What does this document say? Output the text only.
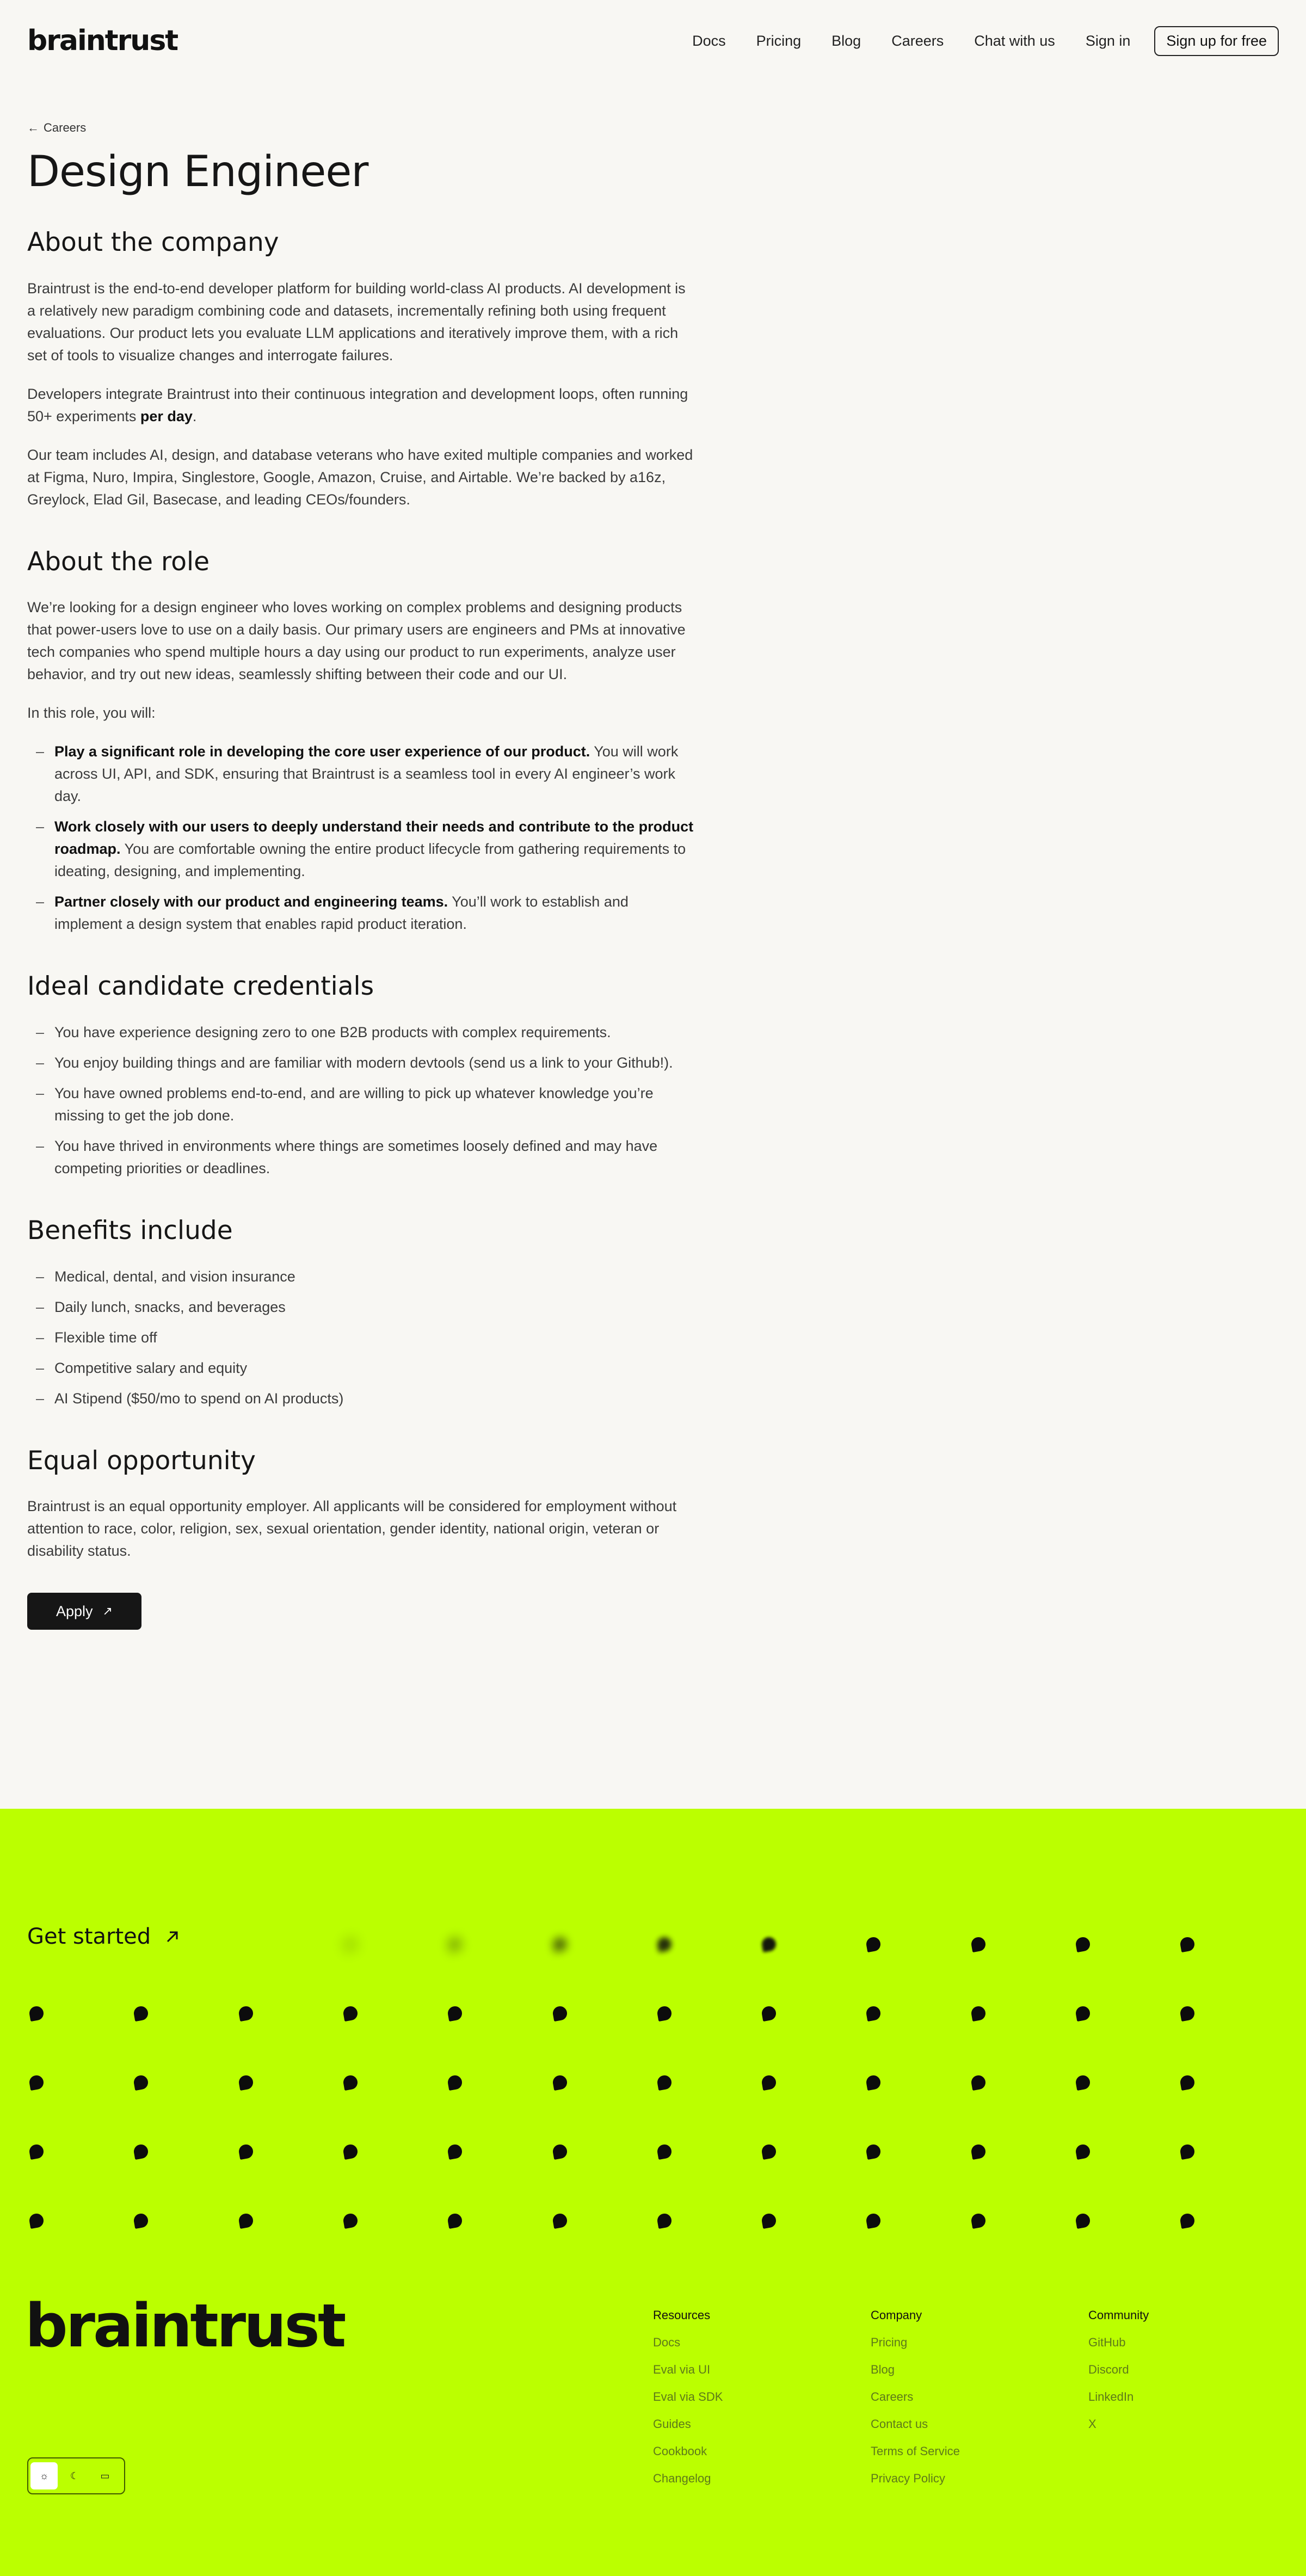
braintrust	Docs Pricing Blog Careers Chat with us Sign in	Sign up for free
← Careers
Design Engineer
About the company

Braintrust is the end-to-end developer platform for building world-class AI products. AI development is a relatively new paradigm combining code and datasets, incrementally refining both using frequent evaluations. Our product lets you evaluate LLM applications and iteratively improve them, with a rich set of tools to visualize changes and interrogate failures.

Developers integrate Braintrust into their continuous integration and development loops, often running 50+ experiments per day.

Our team includes AI, design, and database veterans who have exited multiple companies and worked at Figma, Nuro, Impira, Singlestore, Google, Amazon, Cruise, and Airtable. We’re backed by a16z, Greylock, Elad Gil, Basecase, and leading CEOs/founders.

About the role

We’re looking for a design engineer who loves working on complex problems and designing products that power-users love to use on a daily basis. Our primary users are engineers and PMs at innovative tech companies who spend multiple hours a day using our product to run experiments, analyze user behavior, and try out new ideas, seamlessly shifting between their code and our UI.

In this role, you will:

– Play a significant role in developing the core user experience of our product. You will work across UI, API, and SDK, ensuring that Braintrust is a seamless tool in every AI engineer’s work day.
– Work closely with our users to deeply understand their needs and contribute to the product roadmap. You are comfortable owning the entire product lifecycle from gathering requirements to ideating, designing, and implementing.
– Partner closely with our product and engineering teams. You’ll work to establish and implement a design system that enables rapid product iteration.
Ideal candidate credentials
– You have experience designing zero to one B2B products with complex requirements.
– You enjoy building things and are familiar with modern devtools (send us a link to your Github!).
– You have owned problems end-to-end, and are willing to pick up whatever knowledge you’re missing to get the job done.
– You have thrived in environments where things are sometimes loosely defined and may have competing priorities or deadlines.
Benefits include
– Medical, dental, and vision insurance
– Daily lunch, snacks, and beverages
– Flexible time off
– Competitive salary and equity
– AI Stipend ($50/mo to spend on AI products)
Equal opportunity

Braintrust is an equal opportunity employer. All applicants will be considered for employment without attention to race, color, religion, sex, sexual orientation, gender identity, national origin, veteran or disability status.

Apply ↗
Get started
braintrust	Resources
Docs
Eval via UI
Eval via SDK
Guides
Cookbook
Changelog
Company
Pricing
Blog
Careers
Contact us
Terms of Service
Privacy Policy
Community
GitHub
Discord
LinkedIn
X
☼	☾	▭
